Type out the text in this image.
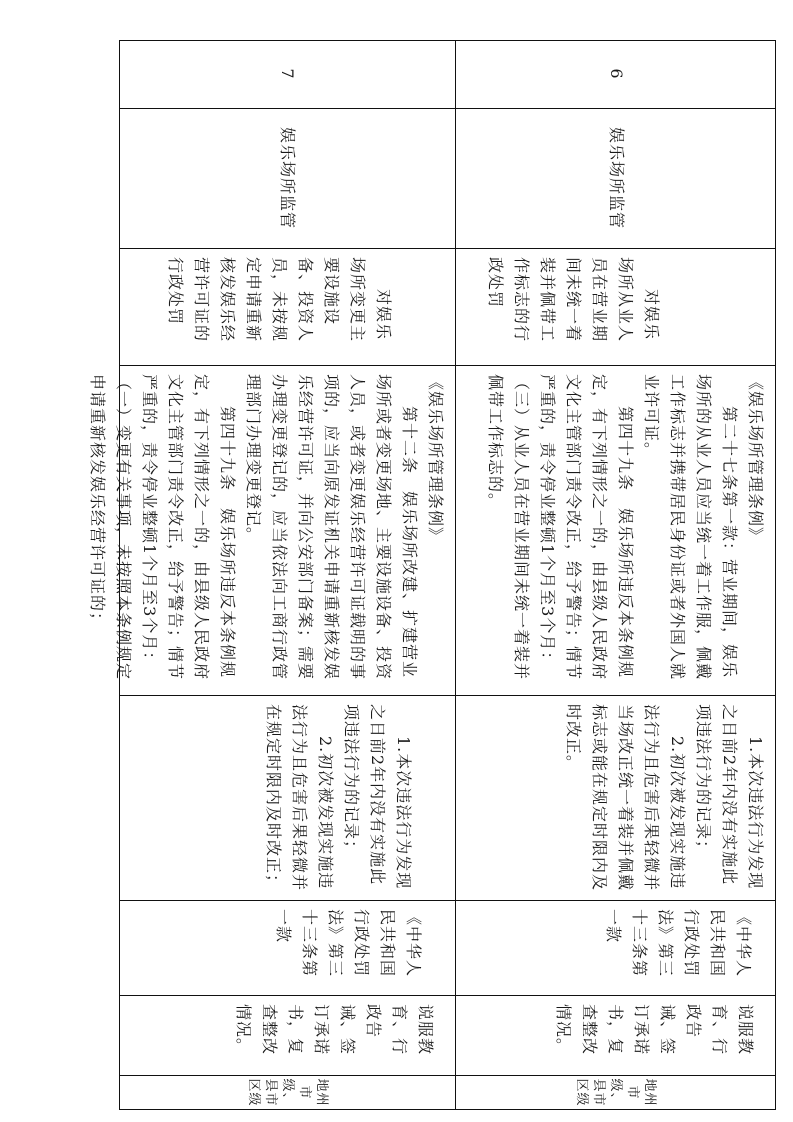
6
娱乐场所监管
对娱乐场所从业人员在营业期间未统一着装并佩带工作标志的行政处罚
《娱乐场所管理条例》
第二十七条第一款：营业期间，娱乐场所的从业人员应当统一着工作服，佩戴工作标志并携带居民身份证或者外国人就业许可证。
第四十九条　娱乐场所违反本条例规定，有下列情形之一的，由县级人民政府文化主管部门责令改正，给予警告；情节严重的，责令停业整顿1个月至3个月：（三）从业人员在营业期间未统一着装并佩带工作标志的。
1.本次违法行为发现之日前2年内没有实施此项违法行为的记录；
2.初次被发现实施违法行为且危害后果轻微并当场改正统一着装并佩戴标志或能在规定时限内及时改正。
《中华人民共和国行政处罚法》第三十三条第一款
说服教育、行政告诫、签订承诺书，复查整改情况。
地州市级、县市区级
7
娱乐场所监管
对娱乐场所变更主要设施设备、投资人员，未按规定申请重新核发娱乐经营许可证的行政处罚
《娱乐场所管理条例》
第十二条　娱乐场所改建、扩建营业场所或者变更场地、主要设施设备、投资人员，或者变更娱乐经营许可证载明的事项的，应当向原发证机关申请重新核发娱乐经营许可证，并向公安部门备案；需要办理变更登记的，应当依法向工商行政管理部门办理变更登记。
第四十九条　娱乐场所违反本条例规定，有下列情形之一的，由县级人民政府文化主管部门责令改正，给予警告；情节严重的，责令停业整顿1个月至3个月：（一）变更有关事项，未按照本条例规定申请重新核发娱乐经营许可证的；
1.本次违法行为发现之日前2年内没有实施此项违法行为的记录；
2.初次被发现实施违法行为且危害后果轻微并在规定时限内及时改正；
《中华人民共和国行政处罚法》第三十三条第一款
说服教育、行政告诫、签订承诺书，复查整改情况。
地州市级、县市区级
